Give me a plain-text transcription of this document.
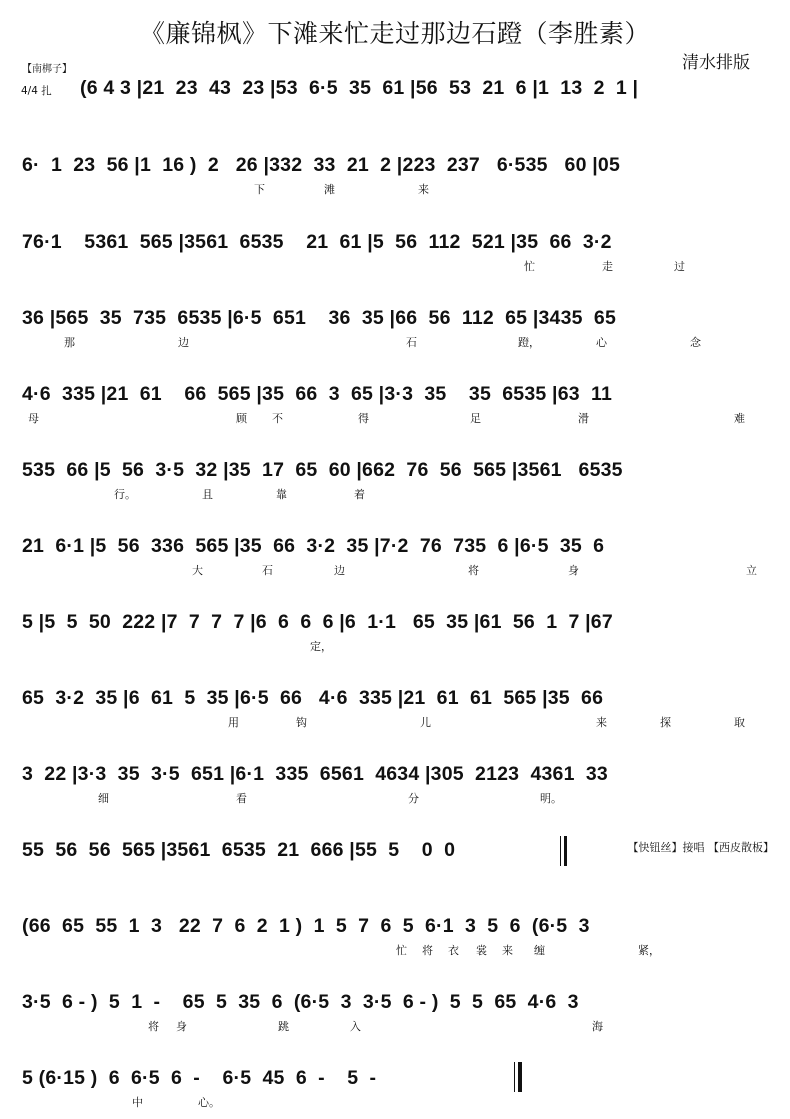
《廉锦枫》下滩来忙走过那边石蹬（李胜素）
清水排版
【南梆子】
4/4 扎 (6 4 3 |21  23  43  23 |53  6·5  35  61 |56  53  21  6 |1  13  2  1 |
6·  1  23  56 |1  16 )  2   26 |332  33  21  2 |223  237   6·535   60 |05
下	滩	来
76·1    5361  565 |3561  6535    21  61 |5  56  112  521 |35  66  3·2
忙	走	过
36 |565  35  735  6535 |6·5  651    36  35 |66  56  112  65 |3435  65
那	边	石	蹬，	心	念
4·6  335 |21  61    66  565 |35  66  3  65 |3·3  35    35  6535 |63  11
母	顾 不	得	足	滑	难
535  66 |5  56  3·5  32 |35  17  65  60 |662  76  56  565 |3561   6535
行。	且	靠	着
21  6·1 |5  56  336  565 |35  66  3·2  35 |7·2  76  735  6 |6·5  35  6
大	石	边	将	身	立
5 |5  5  50  222 |7  7  7  7 |6  6  6  6 |6  1·1   65  35 |61  56  1  7 |67
定，
65  3·2  35 |6  61  5  35 |6·5  66   4·6  335 |21  61  61  565 |35  66
用	钩	儿	来	探	取
3  22 |3·3  35  3·5  651 |6·1  335  6561  4634 |305  2123  4361  33
细	看	分	明。
55  56  56  565 |3561  6535  21  666 |55  5    0  0	【快钮丝】接唱 【西皮散板】
(66  65  55  1  3   22  7  6  2  1 )  1  5  7  6  5  6·1  3  5  6  (6·5  3
忙 将 衣 裳 来 缠	紧，
3·5  6 - )  5  1  -    65  5  35  6  (6·5  3  3·5  6 - )  5  5  65  4·6  3
将 身	跳	入	海
5 (6·15 )  6  6·5  6  -    6·5  45  6  -    5  -
中	心。
